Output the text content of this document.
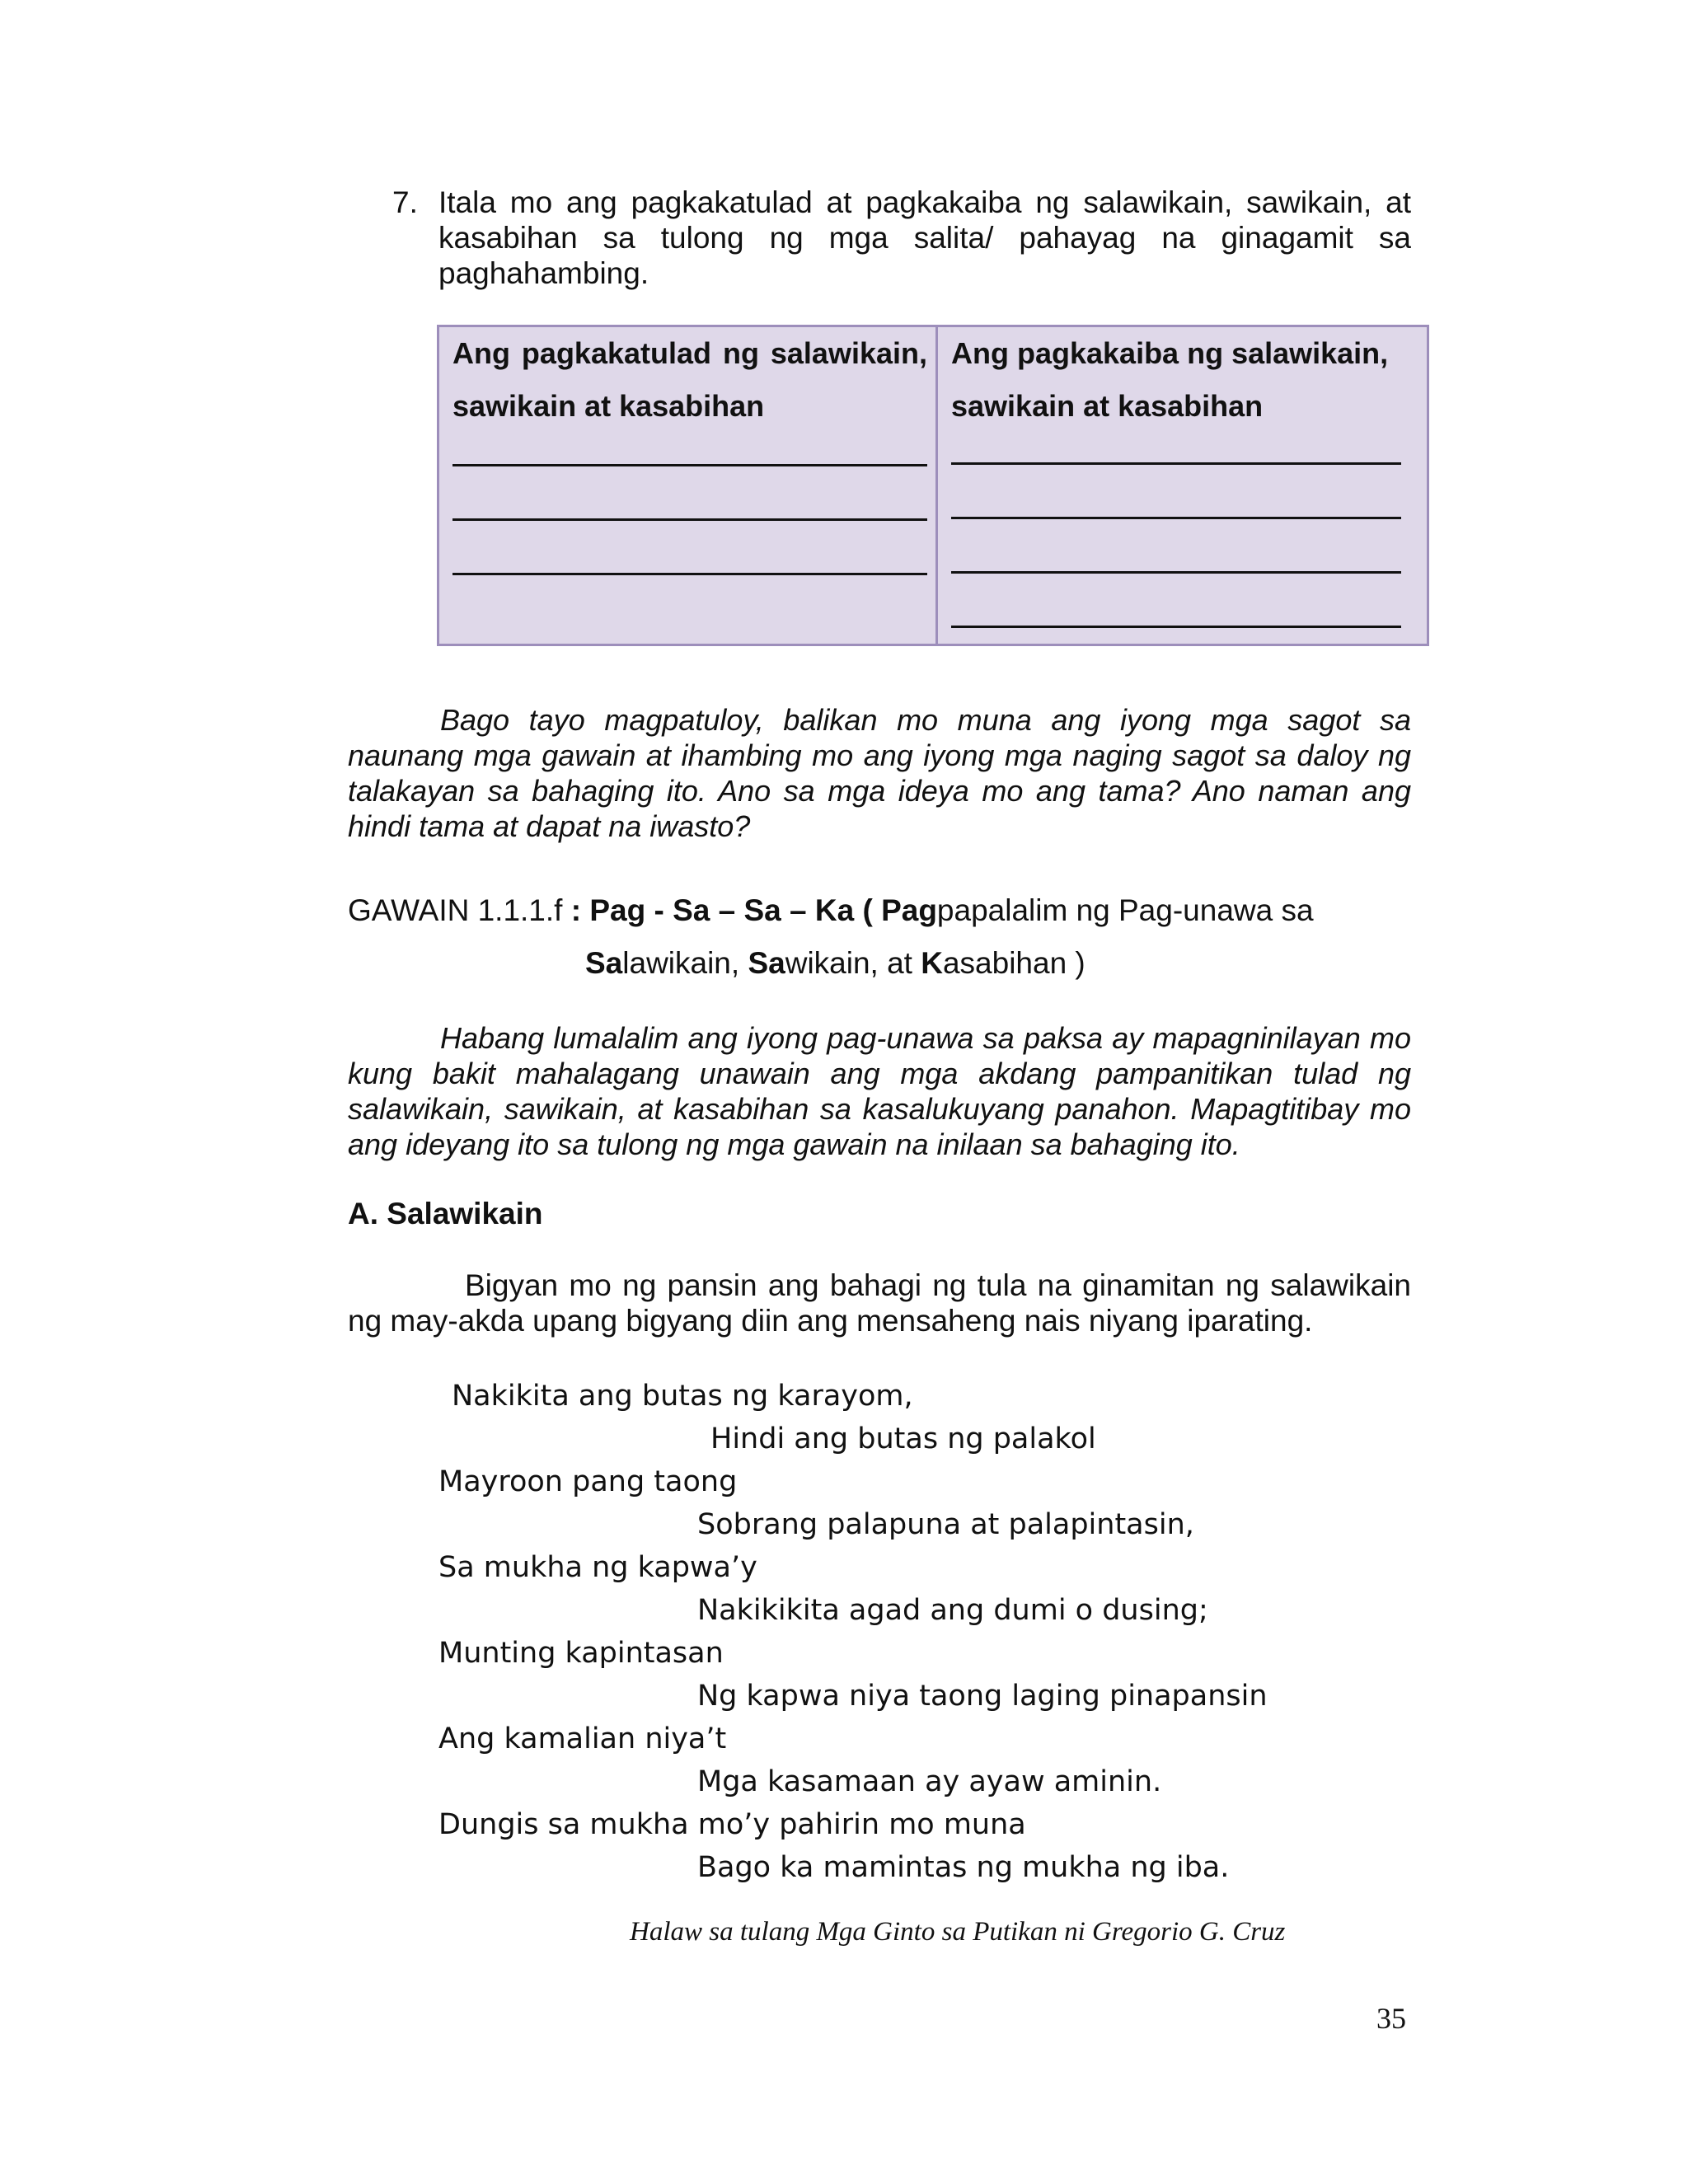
7. Itala mo ang pagkakatulad at pagkakaiba ng salawikain, sawikain, at kasabihan sa tulong ng mga salita/ pahayag na ginagamit sa paghahambing.
Ang pagkakatulad ng salawikain, sawikain at kasabihan
Ang pagkakaiba ng salawikain, sawikain at kasabihan
Bago tayo magpatuloy, balikan mo muna ang iyong mga sagot sa naunang mga gawain at ihambing mo ang iyong mga naging sagot sa daloy ng talakayan sa bahaging ito. Ano sa mga ideya mo ang tama? Ano naman ang hindi tama at dapat na iwasto?
GAWAIN 1.1.1.f : Pag - Sa – Sa – Ka ( Pagpapalalim ng Pag-unawa sa
Salawikain, Sawikain, at Kasabihan )
Habang lumalalim ang iyong pag-unawa sa paksa ay mapagninilayan mo kung bakit mahalagang unawain ang mga akdang pampanitikan tulad ng salawikain, sawikain, at kasabihan sa kasalukuyang panahon. Mapagtitibay mo ang ideyang ito sa tulong ng mga gawain na inilaan sa bahaging ito.
A. Salawikain
Bigyan mo ng pansin ang bahagi ng tula na ginamitan ng salawikain ng may-akda upang bigyang diin ang mensaheng nais niyang iparating.
Nakikita ang butas ng karayom,
Hindi ang butas ng palakol
Mayroon pang taong
Sobrang palapuna at palapintasin,
Sa mukha ng kapwa’y
Nakikikita agad ang dumi o dusing;
Munting kapintasan
Ng kapwa niya taong laging pinapansin
Ang kamalian niya’t
Mga kasamaan ay ayaw aminin.
Dungis sa mukha mo’y pahirin mo muna
Bago ka mamintas ng mukha ng iba.
Halaw sa tulang Mga Ginto sa Putikan ni Gregorio G. Cruz
35
